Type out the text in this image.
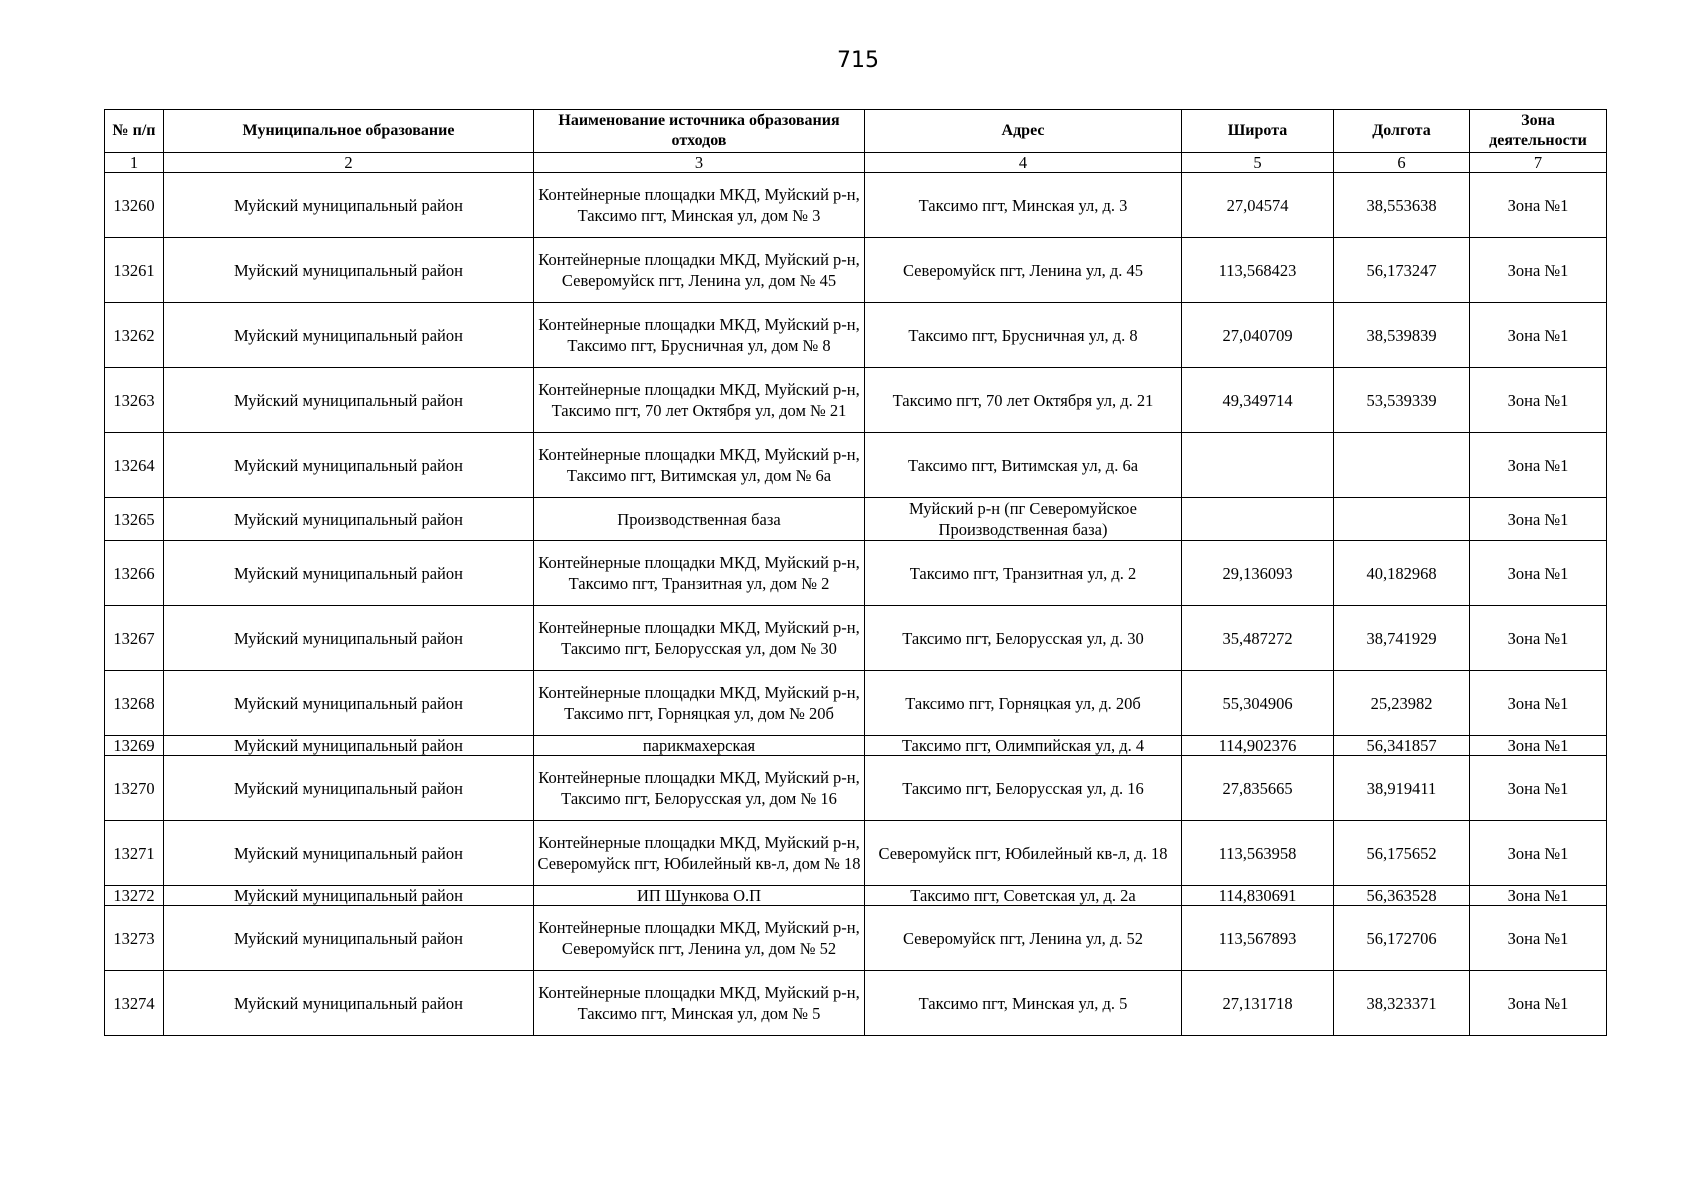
715
№ п/п	Муниципальное образование	Наименование источника образования отходов	Адрес	Широта	Долгота	Зона деятельности
1	2	3	4	5	6	7
13260	Муйский муниципальный район	Контейнерные площадки МКД, Муйский р-н, Таксимо пгт, Минская ул, дом № 3	Таксимо пгт, Минская ул, д. 3	27,04574	38,553638	Зона №1
13261	Муйский муниципальный район	Контейнерные площадки МКД, Муйский р-н, Северомуйск пгт, Ленина ул, дом № 45	Северомуйск пгт, Ленина ул, д. 45	113,568423	56,173247	Зона №1
13262	Муйский муниципальный район	Контейнерные площадки МКД, Муйский р-н, Таксимо пгт, Брусничная ул, дом № 8	Таксимо пгт, Брусничная ул, д. 8	27,040709	38,539839	Зона №1
13263	Муйский муниципальный район	Контейнерные площадки МКД, Муйский р-н, Таксимо пгт, 70 лет Октября ул, дом № 21	Таксимо пгт, 70 лет Октября ул, д. 21	49,349714	53,539339	Зона №1
13264	Муйский муниципальный район	Контейнерные площадки МКД, Муйский р-н, Таксимо пгт, Витимская ул, дом № 6а	Таксимо пгт, Витимская ул, д. 6а			Зона №1
13265	Муйский муниципальный район	Производственная база	Муйский р-н (пг Северомуйское Производственная база)			Зона №1
13266	Муйский муниципальный район	Контейнерные площадки МКД, Муйский р-н, Таксимо пгт, Транзитная ул, дом № 2	Таксимо пгт, Транзитная ул, д. 2	29,136093	40,182968	Зона №1
13267	Муйский муниципальный район	Контейнерные площадки МКД, Муйский р-н, Таксимо пгт, Белорусская ул, дом № 30	Таксимо пгт, Белорусская ул, д. 30	35,487272	38,741929	Зона №1
13268	Муйский муниципальный район	Контейнерные площадки МКД, Муйский р-н, Таксимо пгт, Горняцкая ул, дом № 20б	Таксимо пгт, Горняцкая ул, д. 20б	55,304906	25,23982	Зона №1
13269	Муйский муниципальный район	парикмахерская	Таксимо пгт, Олимпийская ул, д. 4	114,902376	56,341857	Зона №1
13270	Муйский муниципальный район	Контейнерные площадки МКД, Муйский р-н, Таксимо пгт, Белорусская ул, дом № 16	Таксимо пгт, Белорусская ул, д. 16	27,835665	38,919411	Зона №1
13271	Муйский муниципальный район	Контейнерные площадки МКД, Муйский р-н, Северомуйск пгт, Юбилейный кв-л, дом № 18	Северомуйск пгт, Юбилейный кв-л, д. 18	113,563958	56,175652	Зона №1
13272	Муйский муниципальный район	ИП Шункова О.П	Таксимо пгт, Советская ул, д. 2а	114,830691	56,363528	Зона №1
13273	Муйский муниципальный район	Контейнерные площадки МКД, Муйский р-н, Северомуйск пгт, Ленина ул, дом № 52	Северомуйск пгт, Ленина ул, д. 52	113,567893	56,172706	Зона №1
13274	Муйский муниципальный район	Контейнерные площадки МКД, Муйский р-н, Таксимо пгт, Минская ул, дом № 5	Таксимо пгт, Минская ул, д. 5	27,131718	38,323371	Зона №1
